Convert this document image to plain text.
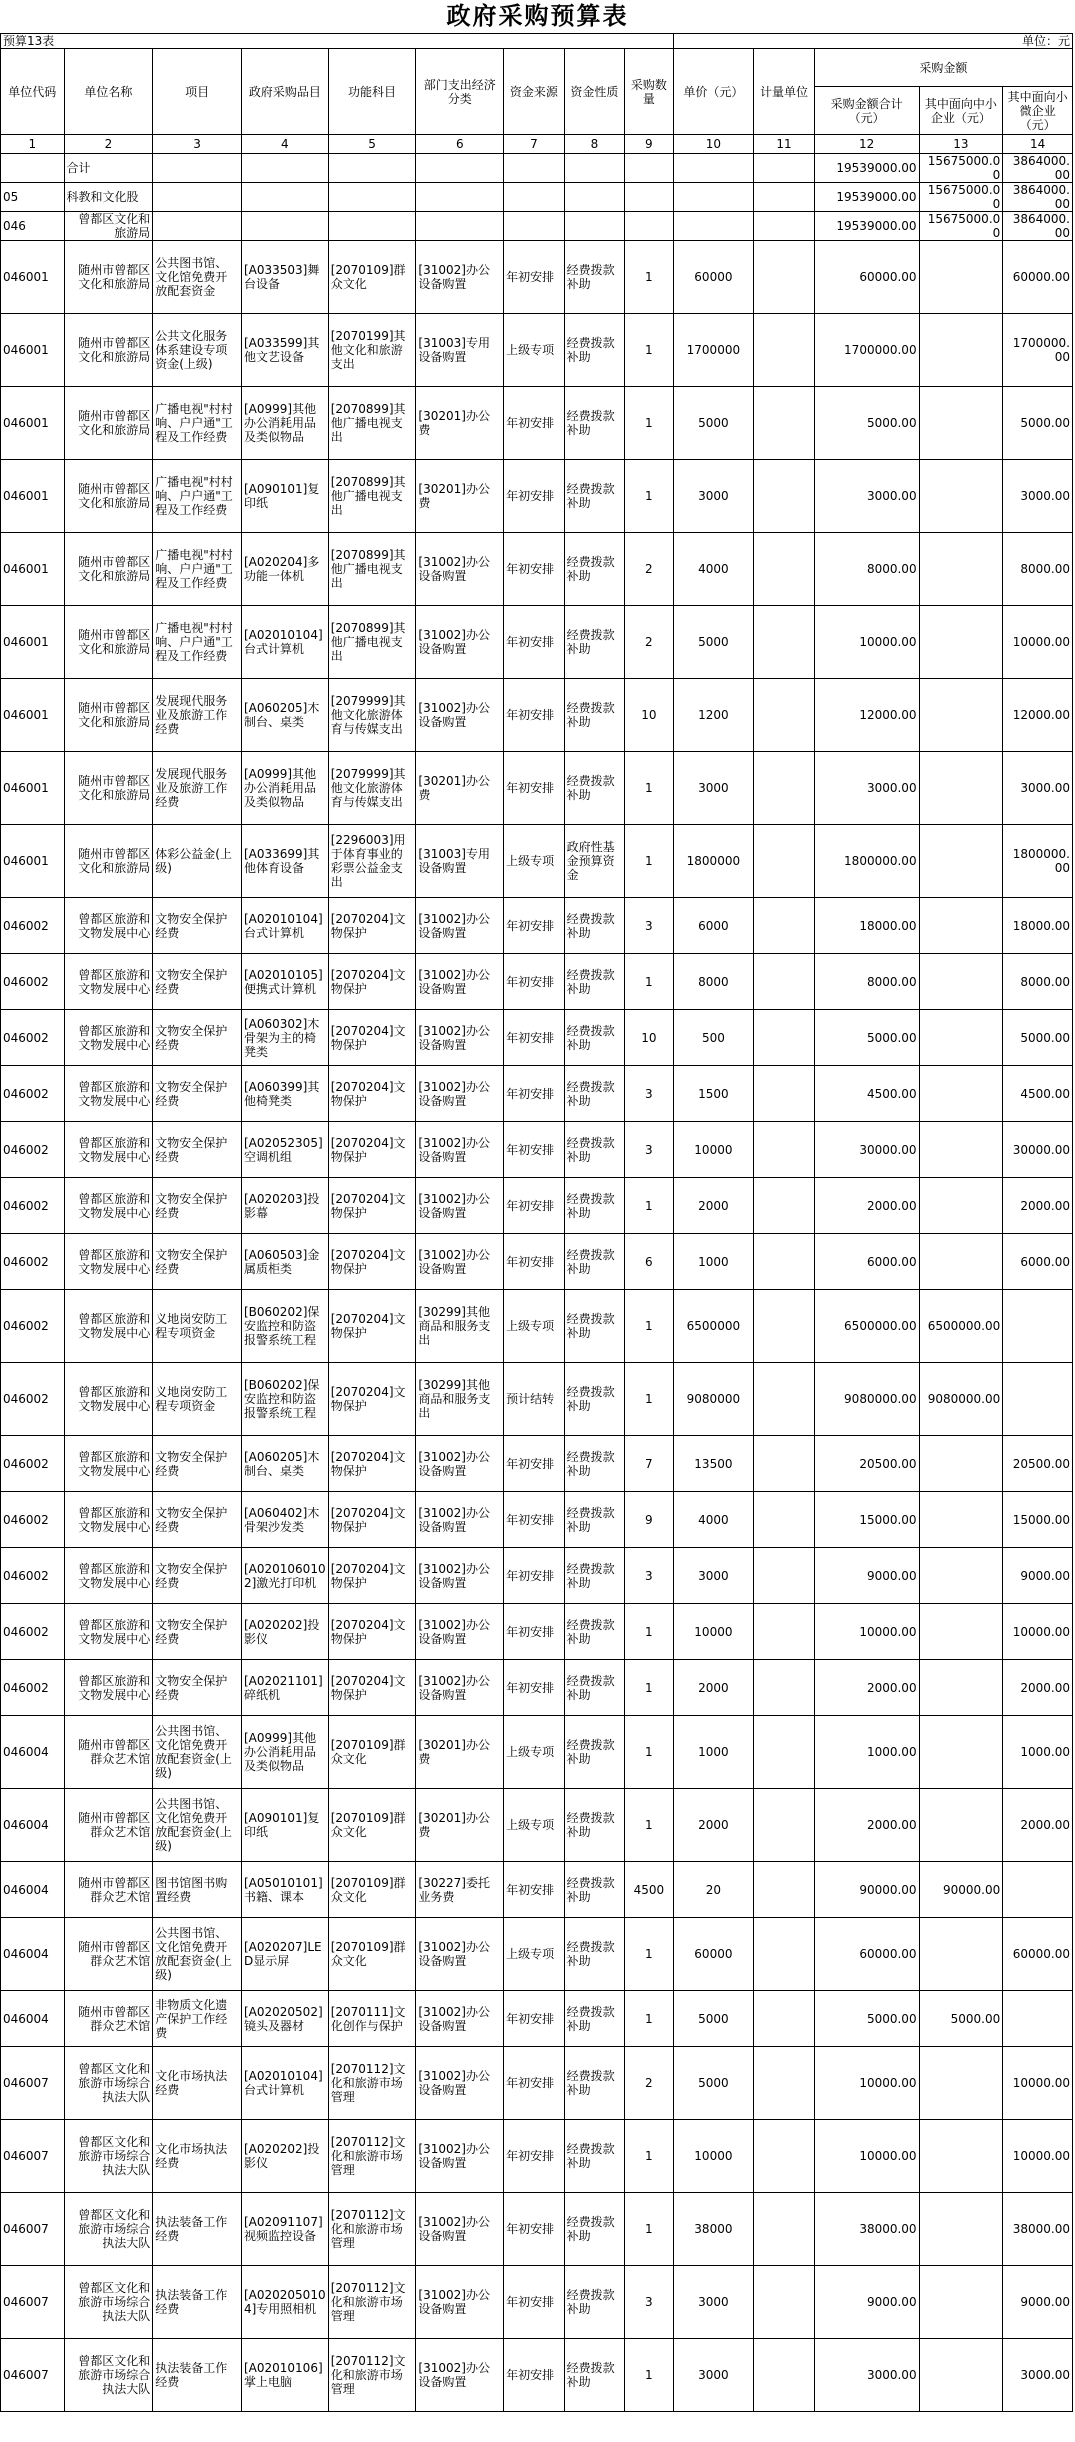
政府采购预算表
预算13表									单位：元				
单位代码	单位名称	项目	政府采购品目	功能科目	部门支出经济分类	资金来源	资金性质	采购数量	单价（元）	计量单位	采购金额		
											采购金额合计（元）	其中面向中小企业（元）	其中面向小微企业（元）
1	2	3	4	5	6	7	8	9	10	11	12	13	14
	合计										19539000.00	15675000.00	3864000.00
05	科教和文化股										19539000.00	15675000.00	3864000.00
046	曾都区文化和旅游局										19539000.00	15675000.00	3864000.00
046001	随州市曾都区文化和旅游局	公共图书馆、文化馆免费开放配套资金	[A033503]舞台设备	[2070109]群众文化	[31002]办公设备购置	年初安排	经费拨款补助	1	60000		60000.00		60000.00
046001	随州市曾都区文化和旅游局	公共文化服务体系建设专项资金(上级)	[A033599]其他文艺设备	[2070199]其他文化和旅游支出	[31003]专用设备购置	上级专项	经费拨款补助	1	1700000		1700000.00		1700000.00
046001	随州市曾都区文化和旅游局	广播电视"村村响、户户通"工程及工作经费	[A0999]其他办公消耗用品及类似物品	[2070899]其他广播电视支出	[30201]办公费	年初安排	经费拨款补助	1	5000		5000.00		5000.00
046001	随州市曾都区文化和旅游局	广播电视"村村响、户户通"工程及工作经费	[A090101]复印纸	[2070899]其他广播电视支出	[30201]办公费	年初安排	经费拨款补助	1	3000		3000.00		3000.00
046001	随州市曾都区文化和旅游局	广播电视"村村响、户户通"工程及工作经费	[A020204]多功能一体机	[2070899]其他广播电视支出	[31002]办公设备购置	年初安排	经费拨款补助	2	4000		8000.00		8000.00
046001	随州市曾都区文化和旅游局	广播电视"村村响、户户通"工程及工作经费	[A02010104]台式计算机	[2070899]其他广播电视支出	[31002]办公设备购置	年初安排	经费拨款补助	2	5000		10000.00		10000.00
046001	随州市曾都区文化和旅游局	发展现代服务业及旅游工作经费	[A060205]木制台、桌类	[2079999]其他文化旅游体育与传媒支出	[31002]办公设备购置	年初安排	经费拨款补助	10	1200		12000.00		12000.00
046001	随州市曾都区文化和旅游局	发展现代服务业及旅游工作经费	[A0999]其他办公消耗用品及类似物品	[2079999]其他文化旅游体育与传媒支出	[30201]办公费	年初安排	经费拨款补助	1	3000		3000.00		3000.00
046001	随州市曾都区文化和旅游局	体彩公益金(上级)	[A033699]其他体育设备	[2296003]用于体育事业的彩票公益金支出	[31003]专用设备购置	上级专项	政府性基金预算资金	1	1800000		1800000.00		1800000.00
046002	曾都区旅游和文物发展中心	文物安全保护经费	[A02010104]台式计算机	[2070204]文物保护	[31002]办公设备购置	年初安排	经费拨款补助	3	6000		18000.00		18000.00
046002	曾都区旅游和文物发展中心	文物安全保护经费	[A02010105]便携式计算机	[2070204]文物保护	[31002]办公设备购置	年初安排	经费拨款补助	1	8000		8000.00		8000.00
046002	曾都区旅游和文物发展中心	文物安全保护经费	[A060302]木骨架为主的椅凳类	[2070204]文物保护	[31002]办公设备购置	年初安排	经费拨款补助	10	500		5000.00		5000.00
046002	曾都区旅游和文物发展中心	文物安全保护经费	[A060399]其他椅凳类	[2070204]文物保护	[31002]办公设备购置	年初安排	经费拨款补助	3	1500		4500.00		4500.00
046002	曾都区旅游和文物发展中心	文物安全保护经费	[A02052305]空调机组	[2070204]文物保护	[31002]办公设备购置	年初安排	经费拨款补助	3	10000		30000.00		30000.00
046002	曾都区旅游和文物发展中心	文物安全保护经费	[A020203]投影幕	[2070204]文物保护	[31002]办公设备购置	年初安排	经费拨款补助	1	2000		2000.00		2000.00
046002	曾都区旅游和文物发展中心	文物安全保护经费	[A060503]金属质柜类	[2070204]文物保护	[31002]办公设备购置	年初安排	经费拨款补助	6	1000		6000.00		6000.00
046002	曾都区旅游和文物发展中心	义地岗安防工程专项资金	[B060202]保安监控和防盗报警系统工程	[2070204]文物保护	[30299]其他商品和服务支出	上级专项	经费拨款补助	1	6500000		6500000.00	6500000.00	
046002	曾都区旅游和文物发展中心	义地岗安防工程专项资金	[B060202]保安监控和防盗报警系统工程	[2070204]文物保护	[30299]其他商品和服务支出	预计结转	经费拨款补助	1	9080000		9080000.00	9080000.00	
046002	曾都区旅游和文物发展中心	文物安全保护经费	[A060205]木制台、桌类	[2070204]文物保护	[31002]办公设备购置	年初安排	经费拨款补助	7	13500		20500.00		20500.00
046002	曾都区旅游和文物发展中心	文物安全保护经费	[A060402]木骨架沙发类	[2070204]文物保护	[31002]办公设备购置	年初安排	经费拨款补助	9	4000		15000.00		15000.00
046002	曾都区旅游和文物发展中心	文物安全保护经费	[A020106010 2]激光打印机	[2070204]文物保护	[31002]办公设备购置	年初安排	经费拨款补助	3	3000		9000.00		9000.00
046002	曾都区旅游和文物发展中心	文物安全保护经费	[A020202]投影仪	[2070204]文物保护	[31002]办公设备购置	年初安排	经费拨款补助	1	10000		10000.00		10000.00
046002	曾都区旅游和文物发展中心	文物安全保护经费	[A02021101]碎纸机	[2070204]文物保护	[31002]办公设备购置	年初安排	经费拨款补助	1	2000		2000.00		2000.00
046004	随州市曾都区群众艺术馆	公共图书馆、文化馆免费开放配套资金(上级)	[A0999]其他办公消耗用品及类似物品	[2070109]群众文化	[30201]办公费	上级专项	经费拨款补助	1	1000		1000.00		1000.00
046004	随州市曾都区群众艺术馆	公共图书馆、文化馆免费开放配套资金(上级)	[A090101]复印纸	[2070109]群众文化	[30201]办公费	上级专项	经费拨款补助	1	2000		2000.00		2000.00
046004	随州市曾都区群众艺术馆	图书馆图书购置经费	[A05010101]书籍、课本	[2070109]群众文化	[30227]委托业务费	年初安排	经费拨款补助	4500	20		90000.00	90000.00	
046004	随州市曾都区群众艺术馆	公共图书馆、文化馆免费开放配套资金(上级)	[A020207]LED显示屏	[2070109]群众文化	[31002]办公设备购置	上级专项	经费拨款补助	1	60000		60000.00		60000.00
046004	随州市曾都区群众艺术馆	非物质文化遗产保护工作经费	[A02020502]镜头及器材	[2070111]文化创作与保护	[31002]办公设备购置	年初安排	经费拨款补助	1	5000		5000.00	5000.00	
046007	曾都区文化和旅游市场综合执法大队	文化市场执法经费	[A02010104]台式计算机	[2070112]文化和旅游市场管理	[31002]办公设备购置	年初安排	经费拨款补助	2	5000		10000.00		10000.00
046007	曾都区文化和旅游市场综合执法大队	文化市场执法经费	[A020202]投影仪	[2070112]文化和旅游市场管理	[31002]办公设备购置	年初安排	经费拨款补助	1	10000		10000.00		10000.00
046007	曾都区文化和旅游市场综合执法大队	执法装备工作经费	[A02091107]视频监控设备	[2070112]文化和旅游市场管理	[31002]办公设备购置	年初安排	经费拨款补助	1	38000		38000.00		38000.00
046007	曾都区文化和旅游市场综合执法大队	执法装备工作经费	[A020205010 4]专用照相机	[2070112]文化和旅游市场管理	[31002]办公设备购置	年初安排	经费拨款补助	3	3000		9000.00		9000.00
046007	曾都区文化和旅游市场综合执法大队	执法装备工作经费	[A02010106]掌上电脑	[2070112]文化和旅游市场管理	[31002]办公设备购置	年初安排	经费拨款补助	1	3000		3000.00		3000.00
